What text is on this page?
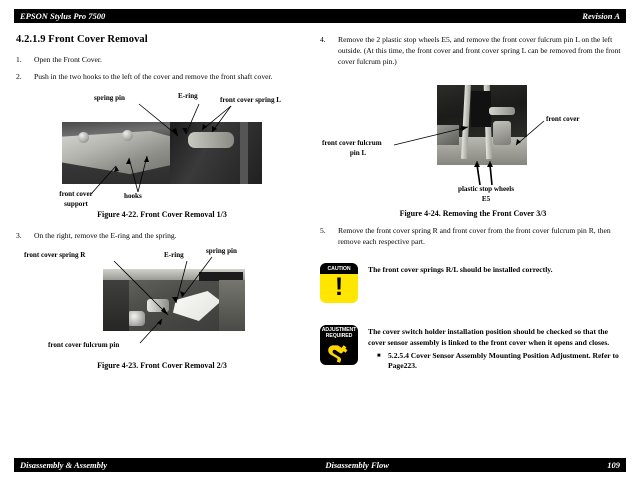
EPSON Stylus Pro 7500	Revision A
4.2.1.9 Front Cover Removal
1.	Open the Front Cover.
2.	Push in the two hooks to the left of the cover and remove the front shaft cover.
spring pin	E-ring	front cover spring L
front cover
support
hooks
Figure 4-22. Front Cover Removal 1/3
3.	On the right, remove the E-ring and the spring.
front cover spring R	E-ring	spring pin
front cover fulcrum pin
Figure 4-23. Front Cover Removal 2/3
4.	Remove the 2 plastic stop wheels E5, and remove the front cover fulcrum pin L on the left outside. (At this time, the front cover and front cover spring L can be removed from the front cover fulcrum pin.)
front cover fulcrum
pin L
front cover
plastic stop wheels
E5
Figure 4-24. Removing the Front Cover 3/3
5.	Remove the front cover spring R and front cover from the front cover fulcrum pin R, then remove each respective part.
CAUTION
!
The front cover springs R/L should be installed correctly.
ADJUSTMENT
REQUIRED The cover switch holder installation position should be checked so that the cover sensor assembly is linked to the front cover when it opens and closes.
■ 5.2.5.4 Cover Sensor Assembly Mounting Position Adjustment. Refer to Page223.
Disassembly & Assembly	Disassembly Flow	109
